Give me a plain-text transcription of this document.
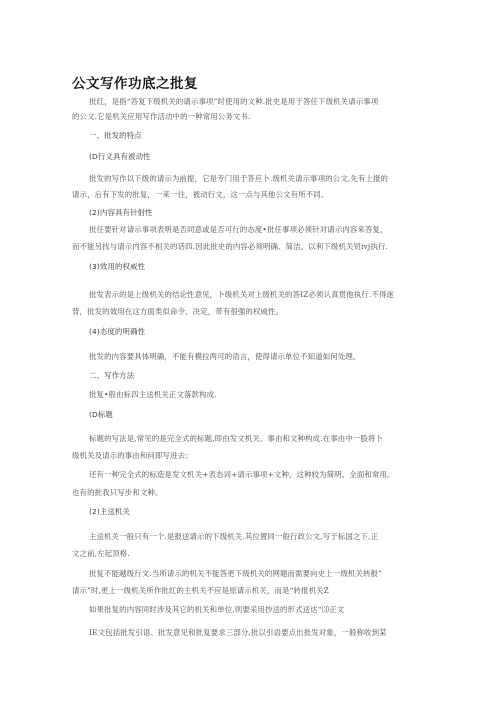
公文写作功底之批复
批红，是指“答复下级机关的请示事项”时使用的文种.批史是用于答任下级机关请示事项
的公文.它是机关应用写作活动中的一种常用公务文书.
一、批发的特点
(D行文具有被动性
批发的写作以下级的请示为前提，它是专门用于答应卜.级机关请示事项的公文,先有上报的
请示，后有下发的批复，一来一往，被动行文，这一点与其他公文有所不同。
(2)内容具有针射性
批任要针对请示事项表明是否同意或是否可行的态度•批任事项必须针对请示内容来答复，
而不能另找与请示内容不相关的话四.因此批史的内容必须明确、简洁，以利下级机关贸ivj执行.
(3)效用的权威性
批发表示的是上级机关的结论性意见，卜级机关对上级机关的答IZ必须认真贯他执行.不得迷
背，批发的效用在这方面类似命令、决定，带有很强的权威性。
(4)态度的明确性
批发的内容要具体明确，不能有模拉两可的语言，使得请示单位不知道如何处理。
二、写作方法
批复•般由标四主送机关正文落款构成.
(D标题
标题的写法是,常见的是完全式的标题,即由发文机关、事由和文种构成.在事由中一股将卜
级机关及请示的事由和问即写进去；
还有一种完全式的标造是发文机关+表态词+请示事项+文种，这种较为简明、全面和常用。
也有的批我只写步和文种。
(2)主送机关
主送机关一般只有一个.是报送请示的下级机关.其位置同一般行政公文,写于标国之下,正
文之前,左起顶格.
批复不能越级行文.当所请示的机关不能答更下级机关的网题而需要向史上一级机关转报”
请示”时,更上一级机关所作批红的主机关不应是原请示机关，而是“转报机关Z
如果批复的内容同时涉及其它的机关和单位,则要采用抄送的形式送达“⑶正文
IE文包括批发引语、批发意见和批复要求三部分,批以引语要点出批发对象，一般称收到某
